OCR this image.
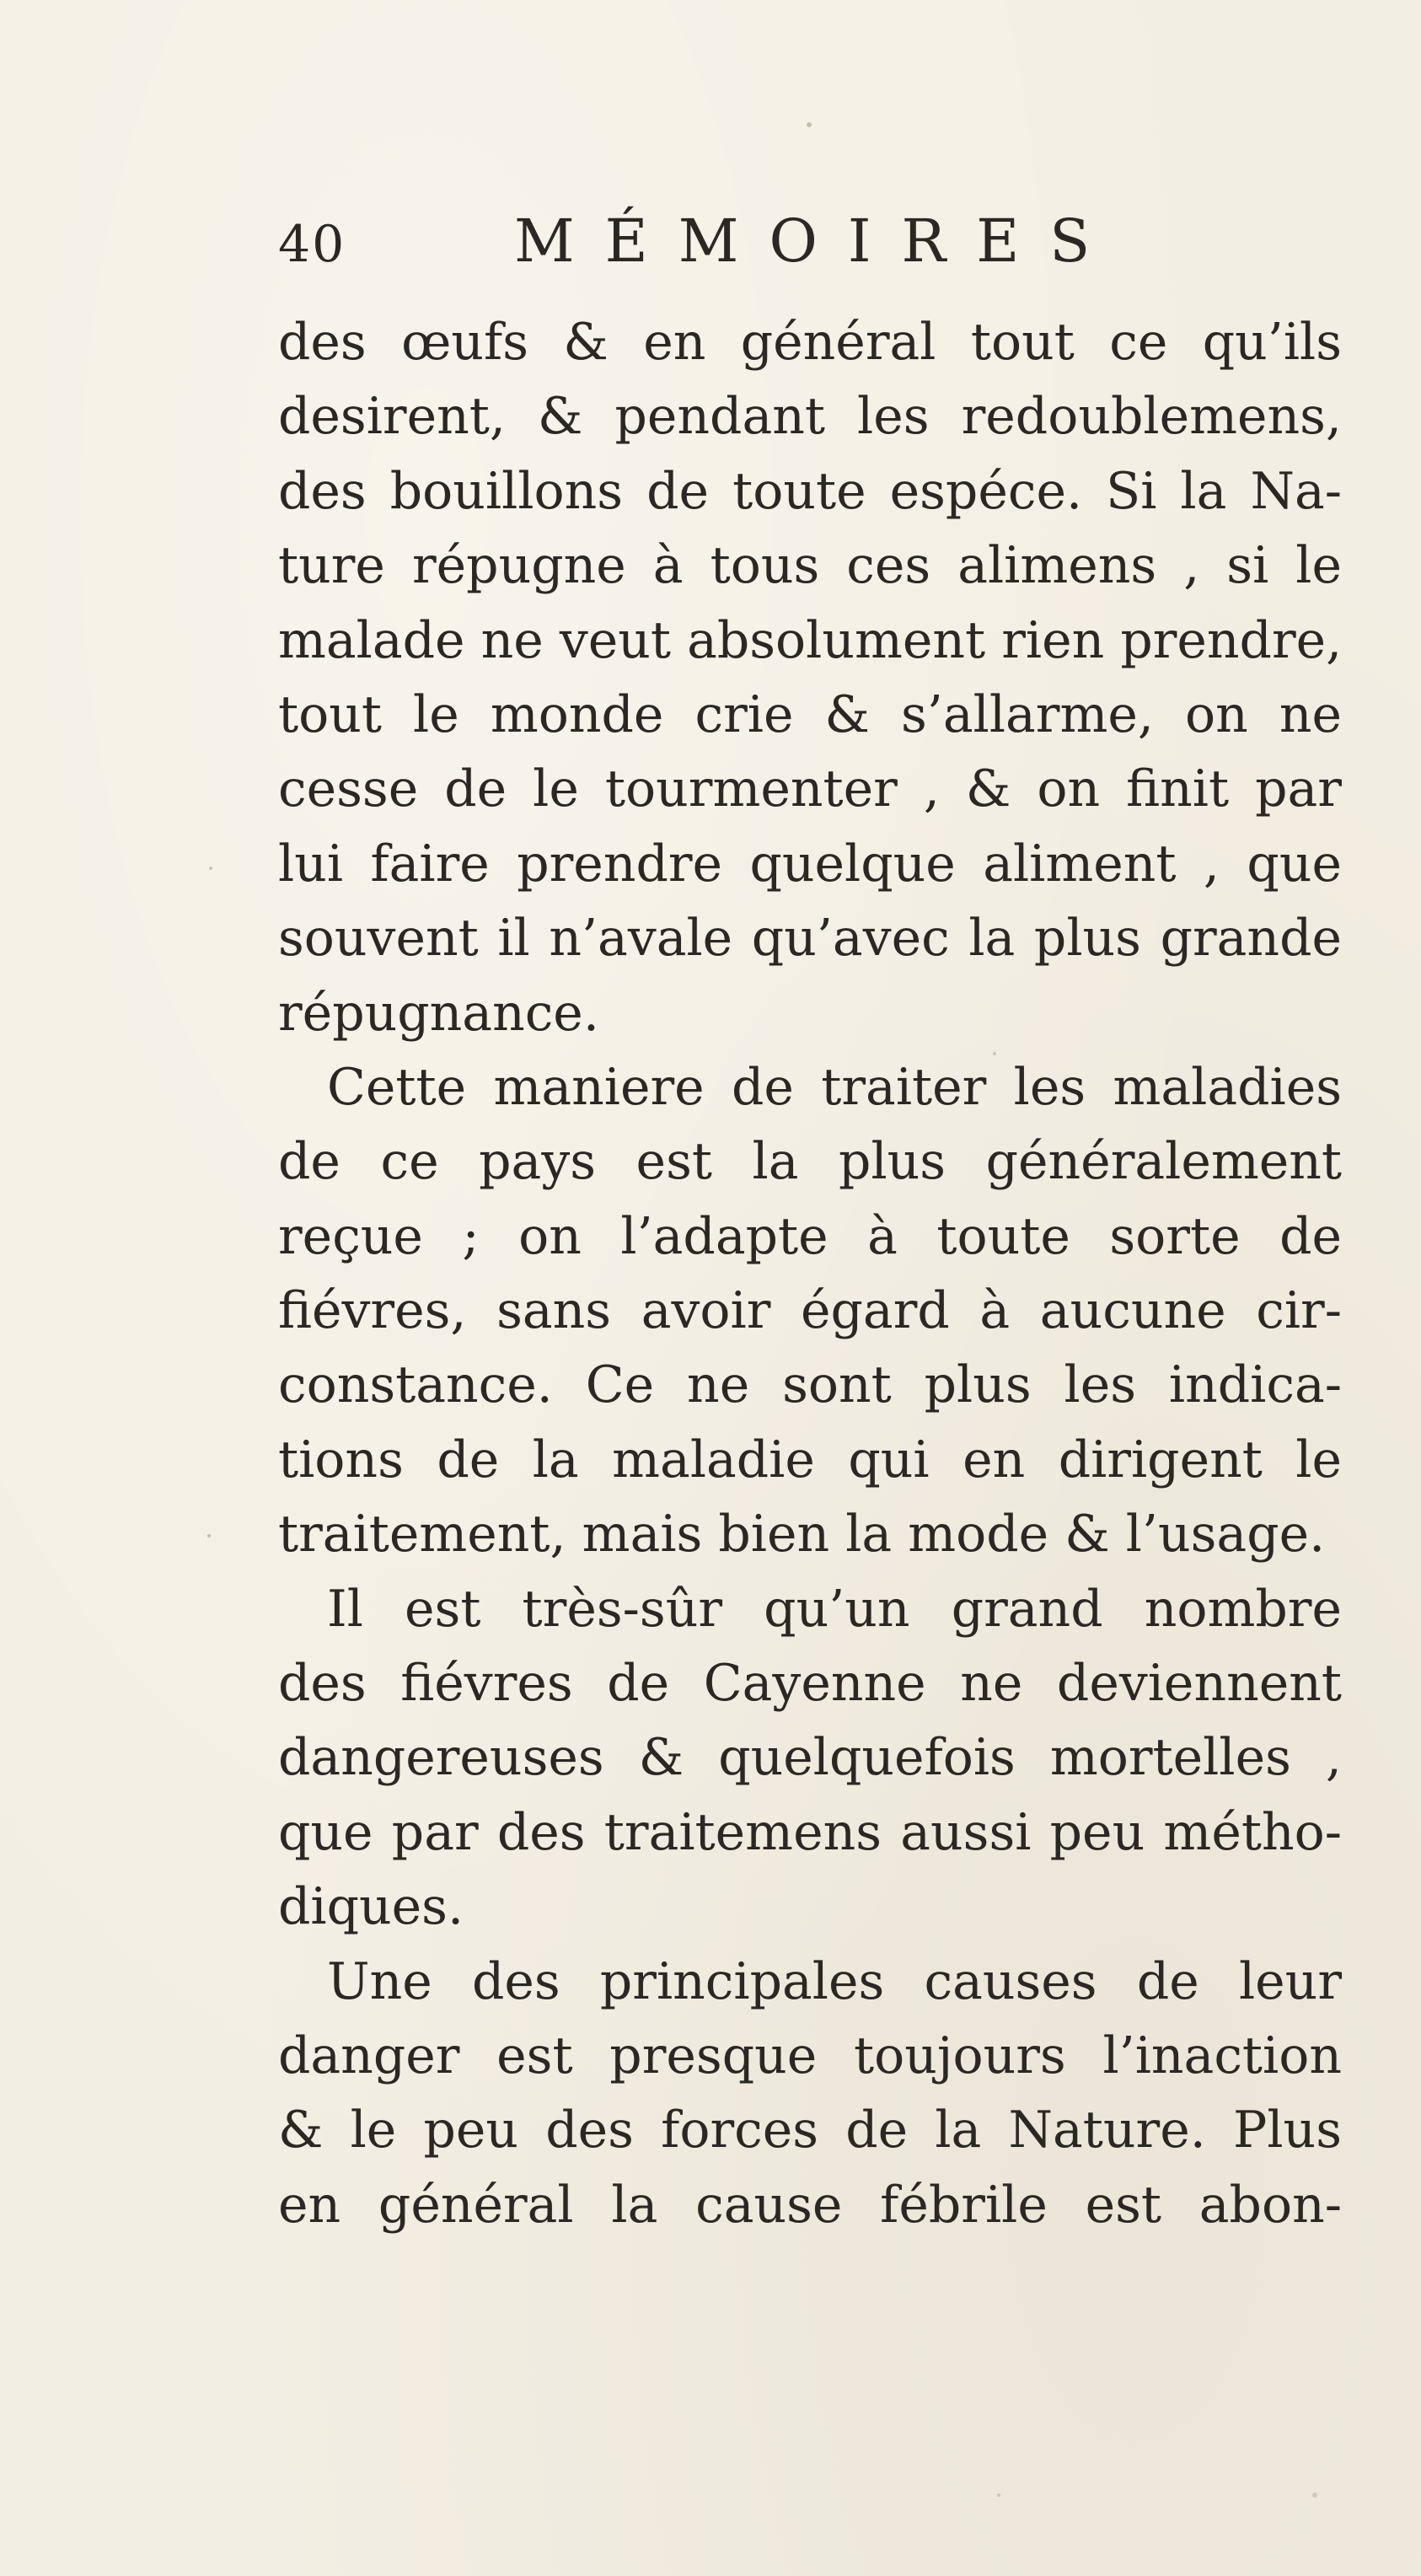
40	MÉMOIRES
des œufs & en général tout ce qu’ils
desirent, & pendant les redoublemens,
des bouillons de toute espéce. Si la Na-
ture répugne à tous ces alimens , si le
malade ne veut absolument rien prendre,
tout le monde crie & s’allarme, on ne
cesse de le tourmenter , & on finit par
lui faire prendre quelque aliment , que
souvent il n’avale qu’avec la plus grande
répugnance.
Cette maniere de traiter les maladies
de ce pays est la plus généralement
reçue ; on l’adapte à toute sorte de
fiévres, sans avoir égard à aucune cir-
constance. Ce ne sont plus les indica-
tions de la maladie qui en dirigent le
traitement, mais bien la mode & l’usage.
Il est très-sûr qu’un grand nombre
des fiévres de Cayenne ne deviennent
dangereuses & quelquefois mortelles ,
que par des traitemens aussi peu métho-
diques.
Une des principales causes de leur
danger est presque toujours l’inaction
& le peu des forces de la Nature. Plus
en général la cause fébrile est abon-
